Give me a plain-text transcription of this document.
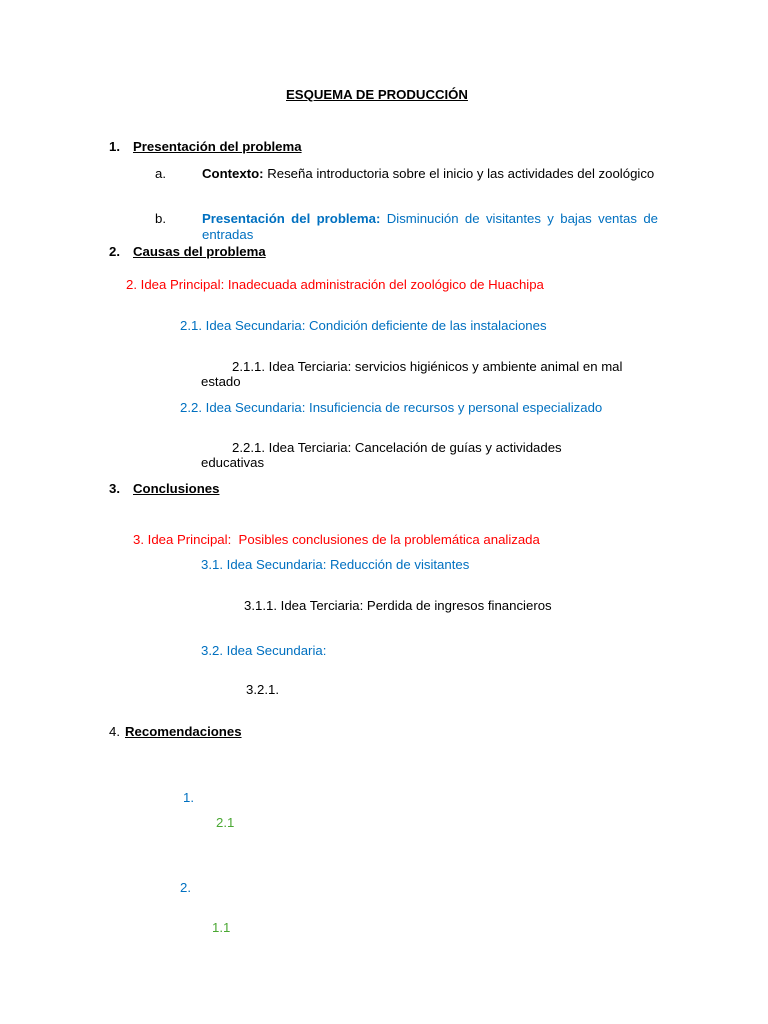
ESQUEMA DE PRODUCCIÓN
1. Presentación del problema
a.	Contexto: Reseña introductoria sobre el inicio y las actividades del zoológico
b.	Presentación del problema: Disminución de visitantes y bajas ventas de entradas
2. Causas del problema
2. Idea Principal: Inadecuada administración del zoológico de Huachipa
2.1. Idea Secundaria: Condición deficiente de las instalaciones
2.1.1. Idea Terciaria: servicios higiénicos y ambiente animal en mal
estado
2.2. Idea Secundaria: Insuficiencia de recursos y personal especializado
2.2.1. Idea Terciaria: Cancelación de guías y actividades
educativas
3. Conclusiones
3. Idea Principal:  Posibles conclusiones de la problemática analizada
3.1. Idea Secundaria: Reducción de visitantes
3.1.1. Idea Terciaria: Perdida de ingresos financieros
3.2. Idea Secundaria:
3.2.1.
4. Recomendaciones
1.
2.1
2.
1.1
